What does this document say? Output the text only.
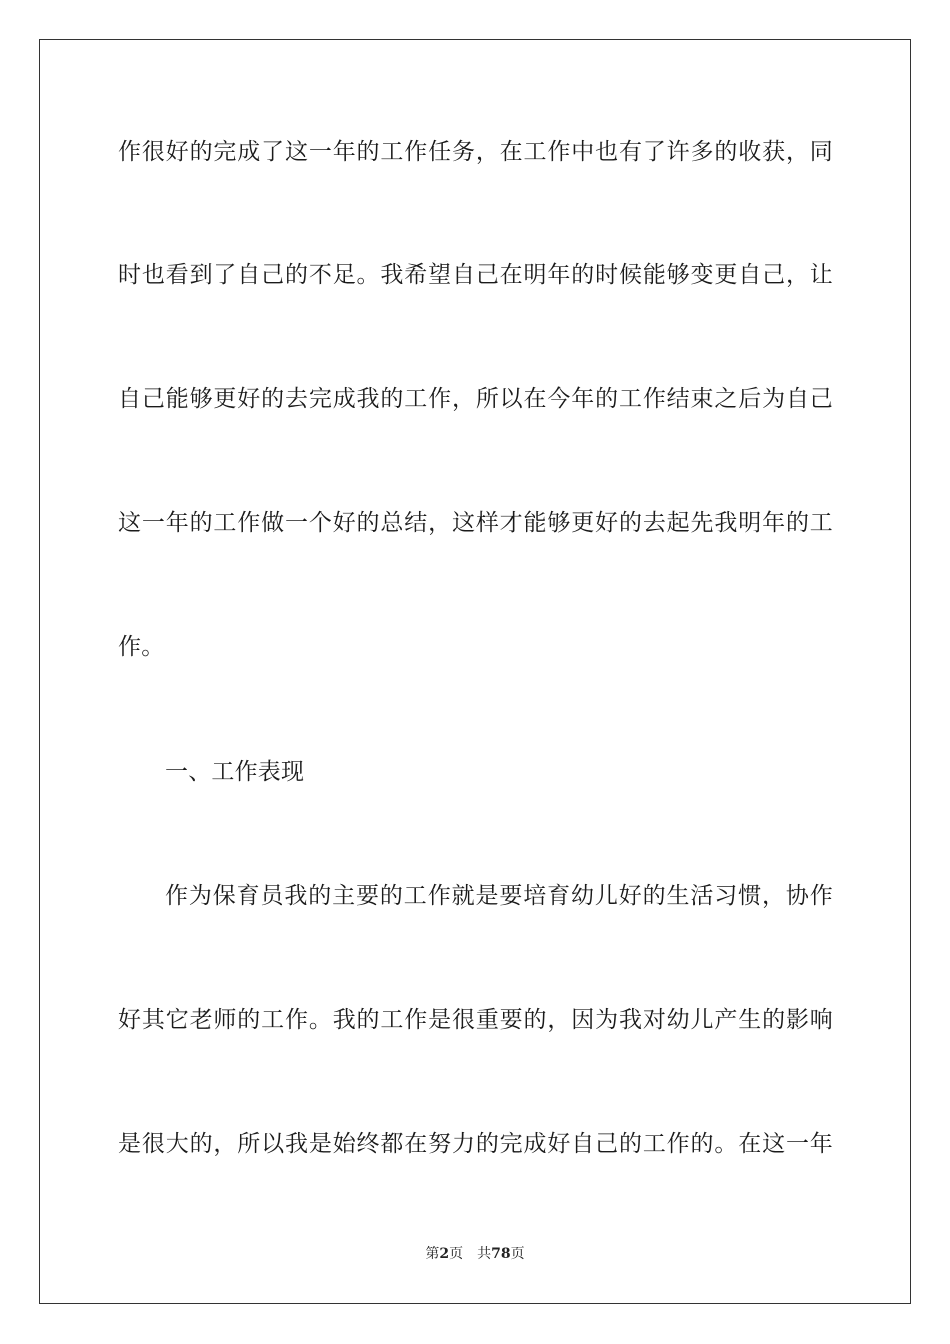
作很好的完成了这一年的工作任务，在工作中也有了许多的收获，同
时也看到了自己的不足。我希望自己在明年的时候能够变更自己，让
自己能够更好的去完成我的工作，所以在今年的工作结束之后为自己
这一年的工作做一个好的总结，这样才能够更好的去起先我明年的工
作。
一、工作表现
作为保育员我的主要的工作就是要培育幼儿好的生活习惯，协作
好其它老师的工作。我的工作是很重要的，因为我对幼儿产生的影响
是很大的，所以我是始终都在努力的完成好自己的工作的。在这一年
第2页 共78页
